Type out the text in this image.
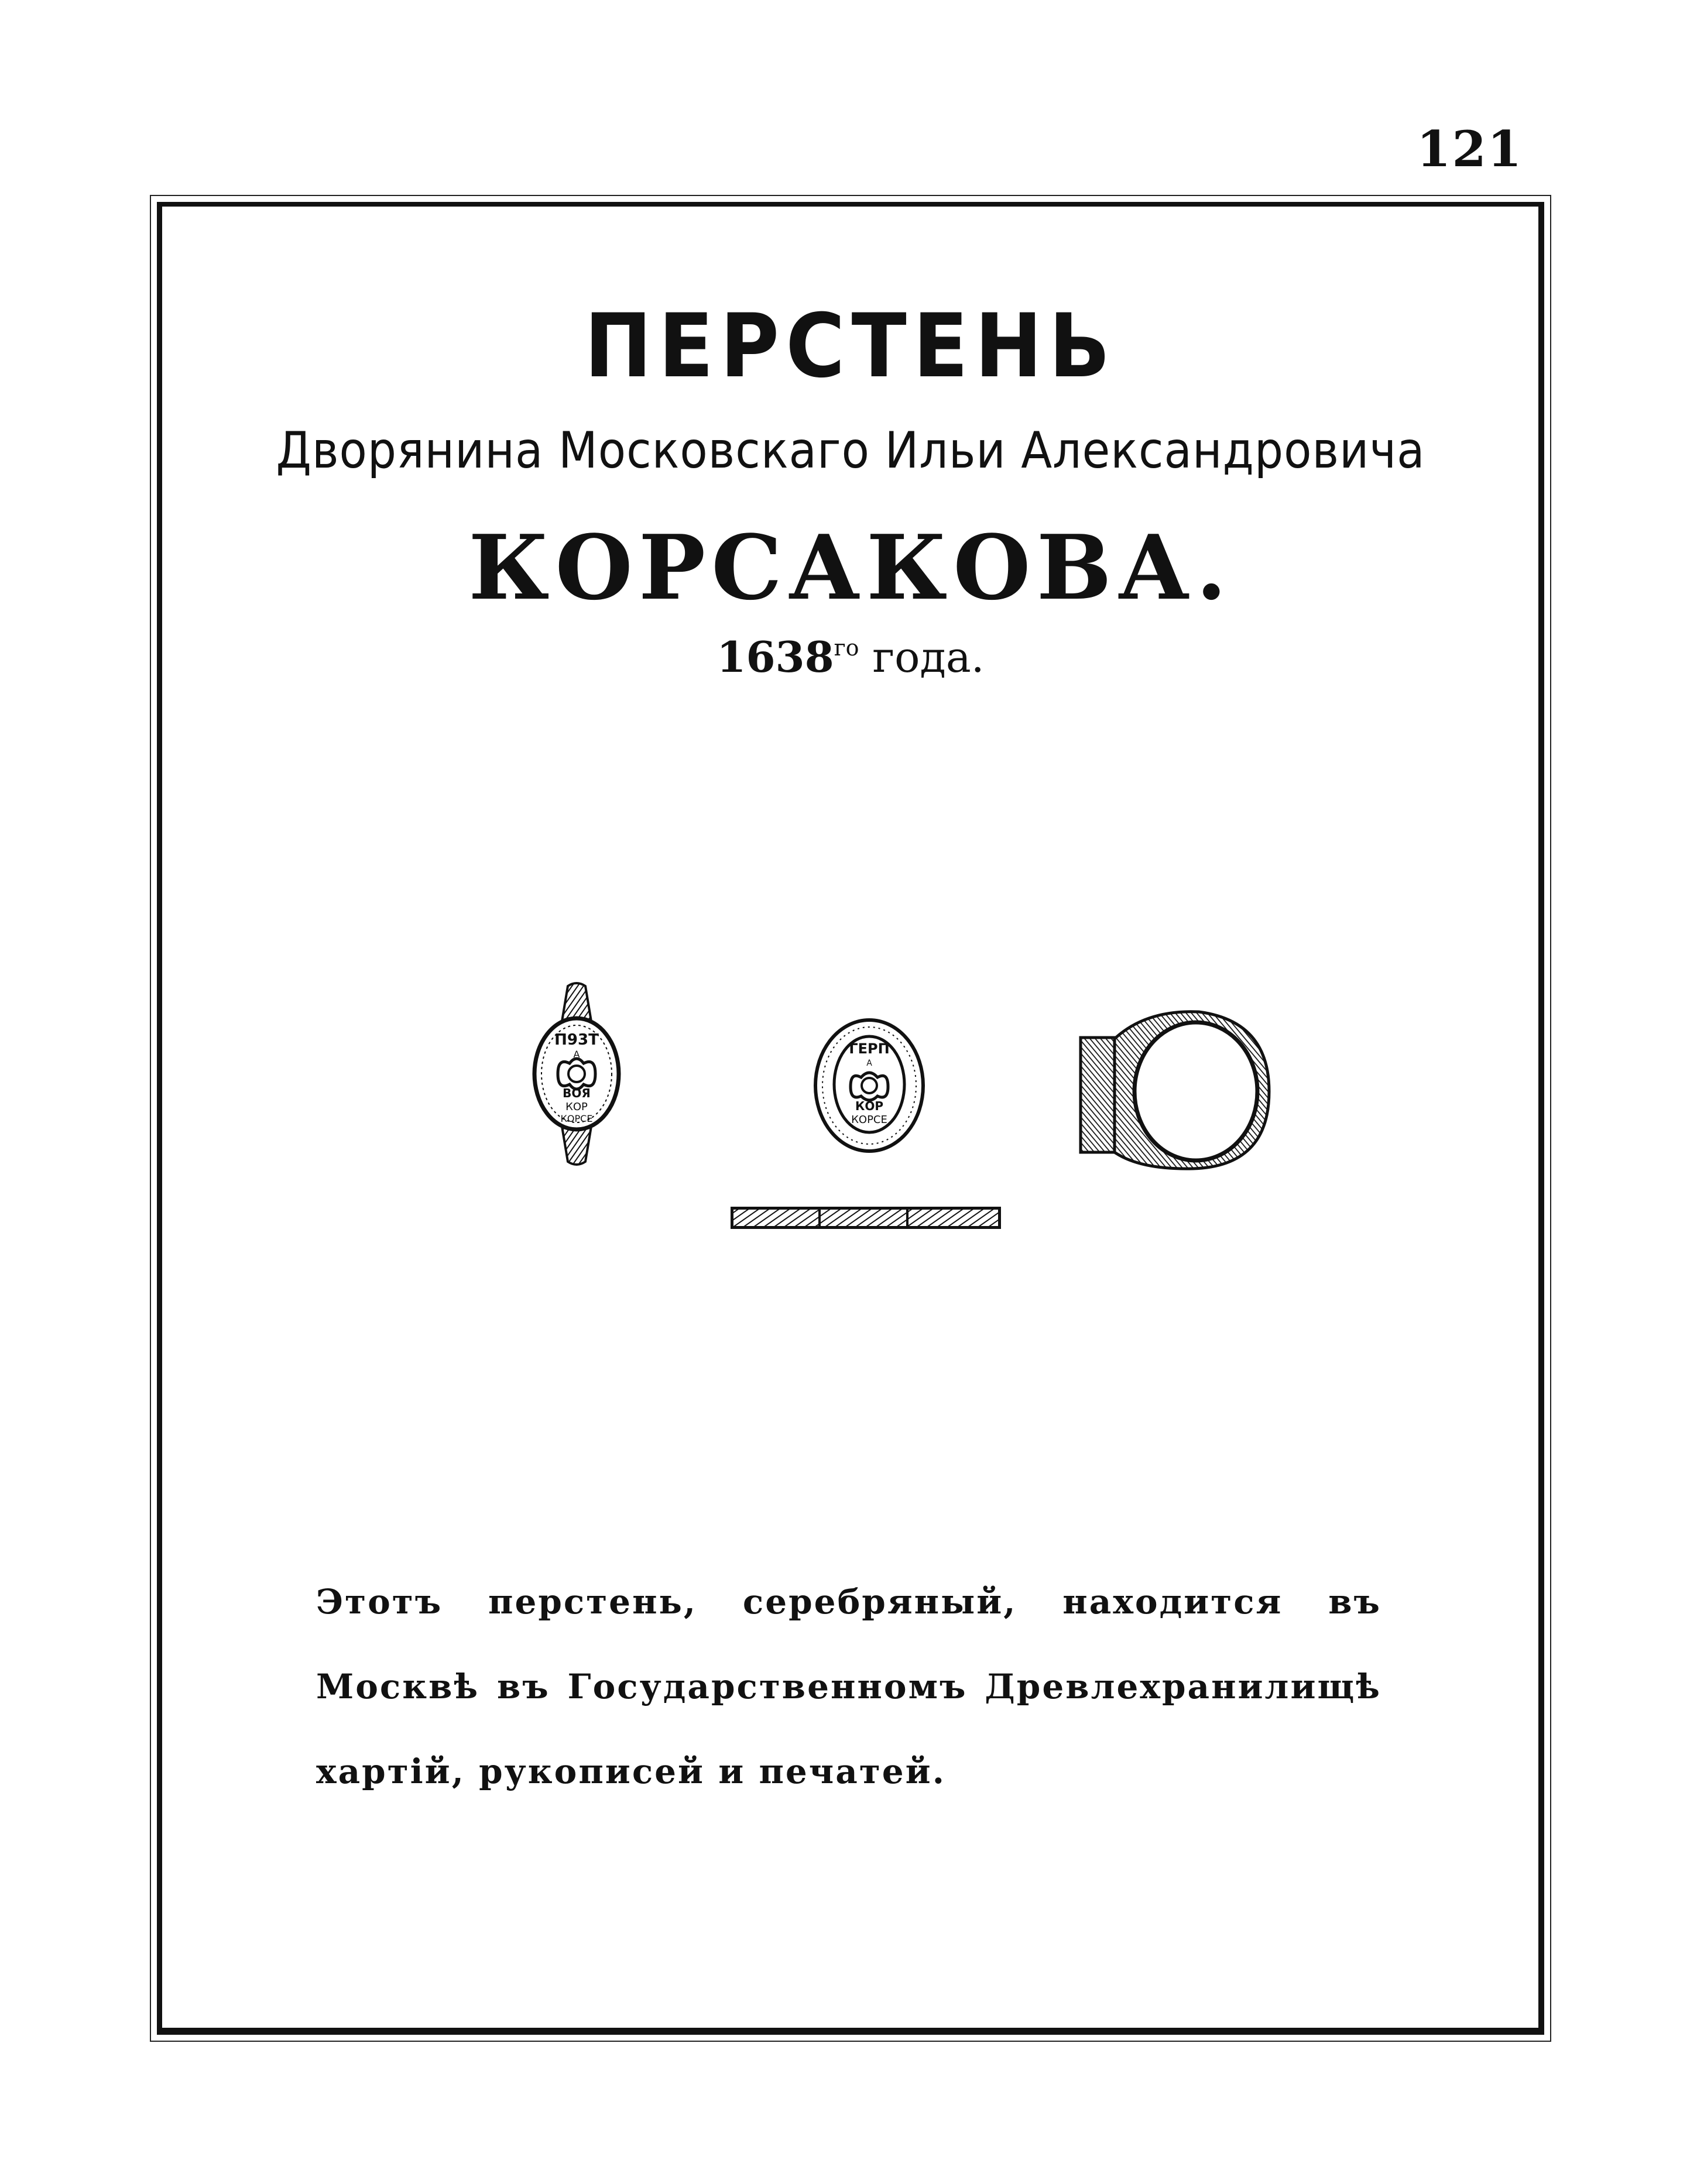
121
ПЕРСТЕНЬ
Дворянина Московскаго Ильи Александровича
КОРСАКОВА.
$1638^{го}$ года.
П93Т
А
ВОЯ
КОР
КОРСЕ
ГЕРП
А
КОР
КОРСЕ
Этотъ перстень, серебряный, находится въ Москвѣ въ Государственномъ Древлехранилищѣ хартій, рукописей и печатей.
